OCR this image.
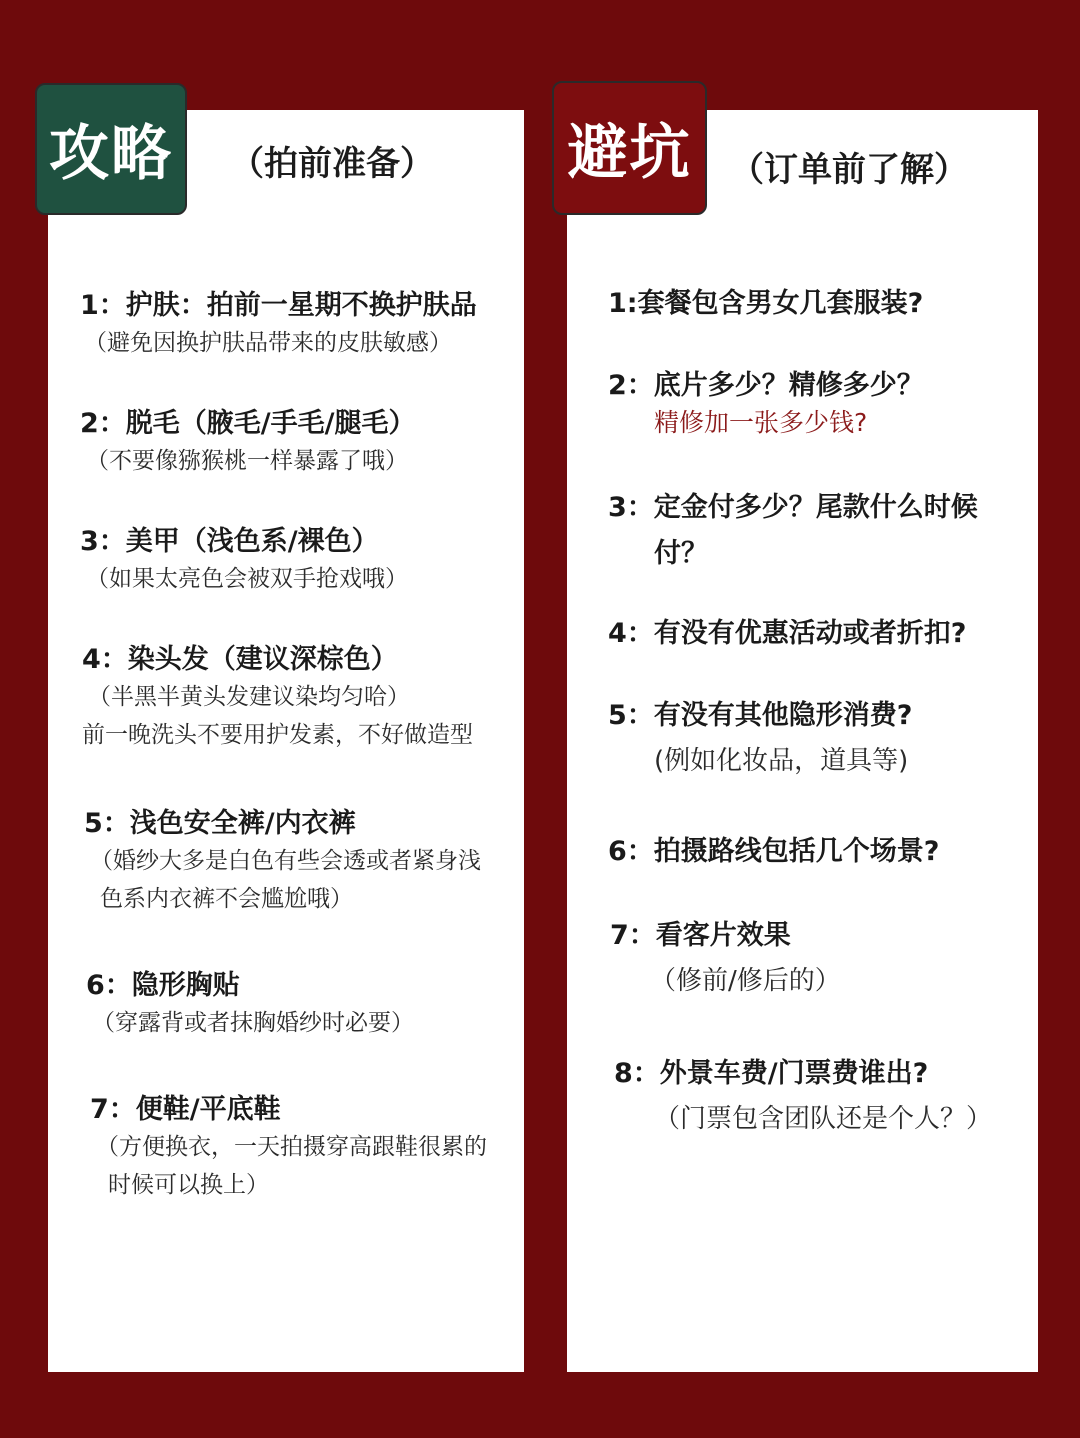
攻略	（拍前准备） 避坑	（订单前了解）
1：护肤：拍前一星期不换护肤品
（避免因换护肤品带来的皮肤敏感）
2：脱毛（腋毛/手毛/腿毛）
（不要像猕猴桃一样暴露了哦）
3：美甲（浅色系/裸色）
（如果太亮色会被双手抢戏哦）
4：染头发（建议深棕色）
（半黑半黄头发建议染均匀哈）
前一晚洗头不要用护发素，不好做造型
5：浅色安全裤/内衣裤
（婚纱大多是白色有些会透或者紧身浅
色系内衣裤不会尴尬哦）
6：隐形胸贴
（穿露背或者抹胸婚纱时必要）
7：便鞋/平底鞋
（方便换衣，一天拍摄穿高跟鞋很累的
时候可以换上）
1:套餐包含男女几套服装?
2：底片多少？精修多少？
精修加一张多少钱?
3：定金付多少？尾款什么时候
付？
4：有没有优惠活动或者折扣?
5：有没有其他隐形消费?
(例如化妆品，道具等)
6：拍摄路线包括几个场景?
7：看客片效果
（修前/修后的）
8：外景车费/门票费谁出?
（门票包含团队还是个人？）
